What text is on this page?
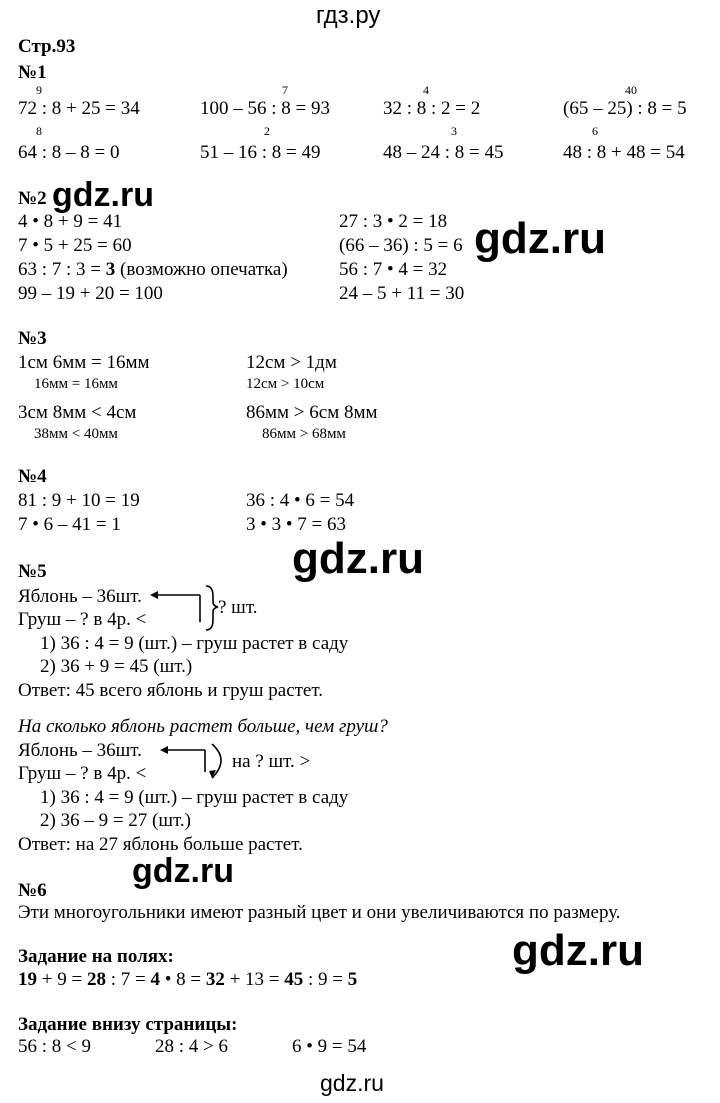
гдз.ру
Стр.93
№1
9	7	4	40
72 : 8 + 25 = 34	100 – 56 : 8 = 93	32 : 8 : 2 = 2	(65 – 25) : 8 = 5
8	2	3	6
64 : 8 – 8 = 0	51 – 16 : 8 = 49	48 – 24 : 8 = 45	48 : 8 + 48 = 54
№2
4 • 8 + 9 = 41
7 • 5 + 25 = 60
63 : 7 : 3 = 3 (возможно опечатка)
99 – 19 + 20 = 100
27 : 3 • 2 = 18
(66 – 36) : 5 = 6
56 : 7 • 4 = 32
24 – 5 + 11 = 30
№3
1см 6мм = 16мм
16мм = 16мм
12см > 1дм
12см > 10см
3см 8мм < 4см
38мм < 40мм
86мм > 6см 8мм
86мм > 68мм
№4
81 : 9 + 10 = 19
7 • 6 – 41 = 1
36 : 4 • 6 = 54
3 • 3 • 7 = 63
№5
Яблонь – 36шт.
Груш – ? в 4р. <
? шт.
1) 36 : 4 = 9 (шт.) – груш растет в саду
2) 36 + 9 = 45 (шт.)
Ответ: 45 всего яблонь и груш растет.
На сколько яблонь растет больше, чем груш?
Яблонь – 36шт.
Груш – ? в 4р. <
на ? шт. >
1) 36 : 4 = 9 (шт.) – груш растет в саду
2) 36 – 9 = 27 (шт.)
Ответ: на 27 яблонь больше растет.
№6
Эти многоугольники имеют разный цвет и они увеличиваются по размеру.
Задание на полях:
19 + 9 = 28 : 7 = 4 • 8 = 32 + 13 = 45 : 9 = 5
Задание внизу страницы:
56 : 8 < 9	28 : 4 > 6	6 • 9 = 54
gdz.ru
gdz.ru
gdz.ru
gdz.ru
gdz.ru
gdz.ru
